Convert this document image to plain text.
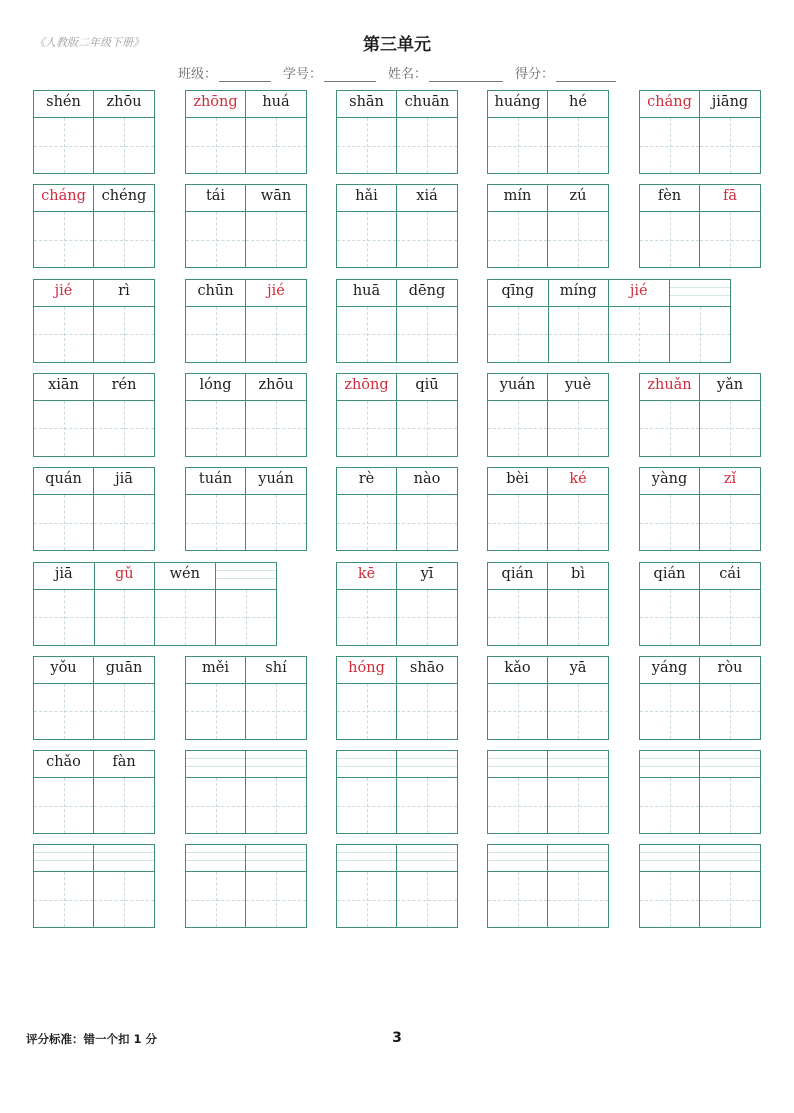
《人教版二年级下册》	第三单元
班级：	学号：	姓名：	得分：
shén	zhōu	zhōng	huá	shān	chuān	huáng	hé	cháng	jiāng
cháng	chéng	tái	wān	hǎi	xiá	mín	zú	fèn	fā
jié	rì	chūn	jié	huā	dēng	qīng	míng	jié
xiān	rén	lóng	zhōu	zhōng	qiū	yuán	yuè	zhuǎn	yǎn
quán	jiā	tuán	yuán	rè	nào	bèi	ké	yàng	zǐ
jiā	gǔ	wén	kē	yī	qián	bì	qián	cái
yǒu	guān	měi	shí	hóng	shāo	kǎo	yā	yáng	ròu
chǎo	fàn
评分标准：错一个扣 1 分	3
